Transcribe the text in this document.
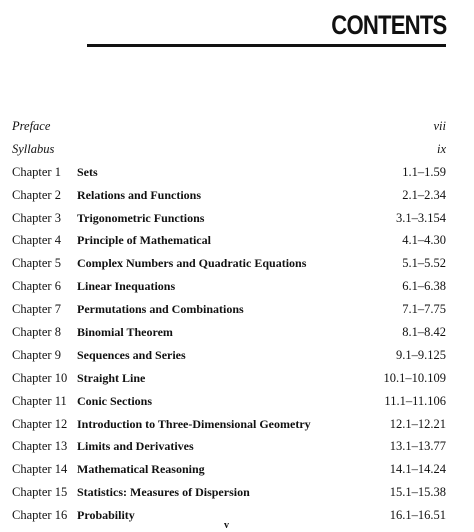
CONTENTS
Preface	vii
Syllabus	ix
Chapter 1 Sets	1.1–1.59
Chapter 2 Relations and Functions	2.1–2.34
Chapter 3 Trigonometric Functions	3.1–3.154
Chapter 4 Principle of Mathematical	4.1–4.30
Chapter 5 Complex Numbers and Quadratic Equations	5.1–5.52
Chapter 6 Linear Inequations	6.1–6.38
Chapter 7 Permutations and Combinations	7.1–7.75
Chapter 8 Binomial Theorem	8.1–8.42
Chapter 9 Sequences and Series	9.1–9.125
Chapter 10 Straight Line	10.1–10.109
Chapter 11 Conic Sections	11.1–11.106
Chapter 12 Introduction to Three-Dimensional Geometry	12.1–12.21
Chapter 13 Limits and Derivatives	13.1–13.77
Chapter 14 Mathematical Reasoning	14.1–14.24
Chapter 15 Statistics: Measures of Dispersion	15.1–15.38
Chapter 16 Probability	16.1–16.51
v
